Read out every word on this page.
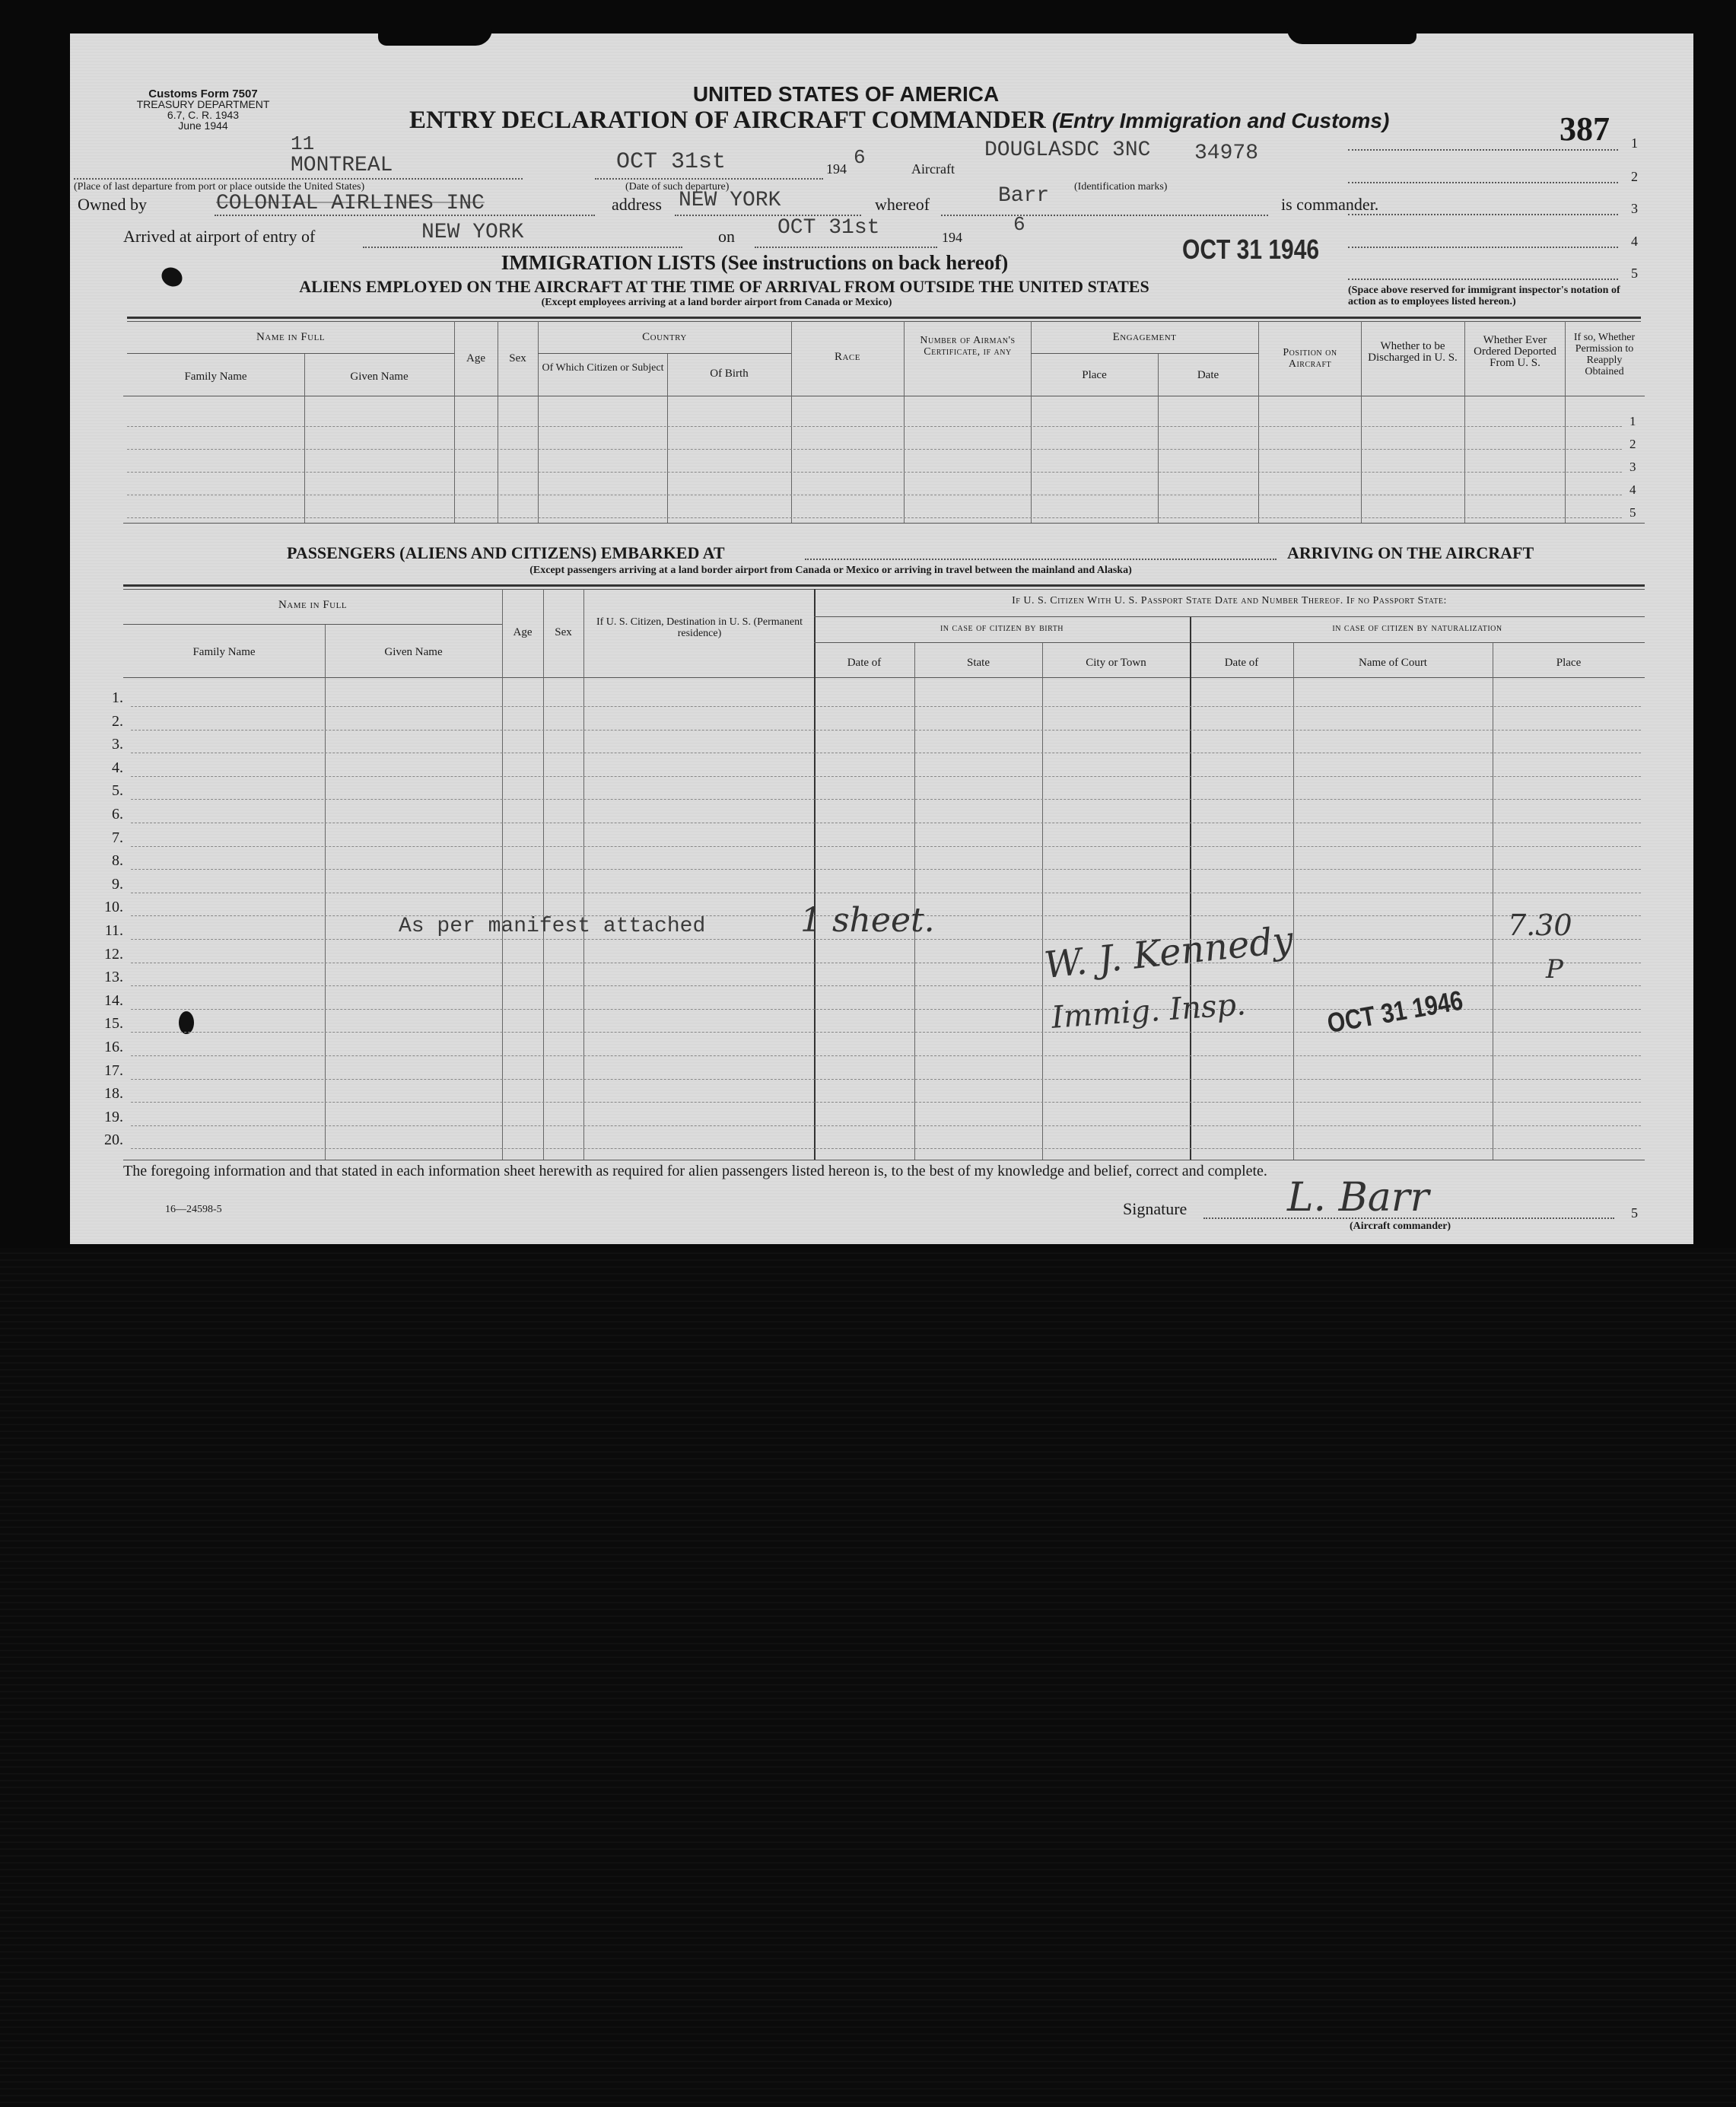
Customs Form 7507
TREASURY DEPARTMENT
6.7, C. R. 1943
June 1944
UNITED STATES OF AMERICA
ENTRY DECLARATION OF AIRCRAFT COMMANDER (Entry Immigration and Customs)	387
11
MONTREAL
(Place of last departure from port or place outside the United States)
OCT 31st
(Date of such departure)
194 6	Aircraft
DOUGLASDC 3NC 34978
(Identification marks)
Owned by	COLONIAL AIRLINES INC	address NEW YORK	whereof	Barr	is commander.
Arrived at airport of entry of	NEW YORK	on OCT 31st	194
6
1
2
3
4
5
OCT 31 1946
(Space above reserved for immigrant inspector's notation of action as to employees listed hereon.)
IMMIGRATION LISTS (See instructions on back hereof)
ALIENS EMPLOYED ON THE AIRCRAFT AT THE TIME OF ARRIVAL FROM OUTSIDE THE UNITED STATES
(Except employees arriving at a land border airport from Canada or Mexico)
Name in Full
Family Name	Given Name
Age	Sex
Country
Of Which Citizen or Subject	Of Birth
Race
Number of Airman's Certificate, if any
Engagement
Place	Date
Position on Aircraft
Whether to be Discharged in U. S.
Whether Ever Ordered Deported From U. S.
If so, Whether Permission to Reapply Obtained
1
2
3
4
5
PASSENGERS (ALIENS AND CITIZENS) EMBARKED AT	ARRIVING ON THE AIRCRAFT
(Except passengers arriving at a land border airport from Canada or Mexico or arriving in travel between the mainland and Alaska)
Name in Full
Family Name	Given Name
Age	Sex
If U. S. Citizen, Destination in U. S. (Permanent residence)
If U. S. Citizen With U. S. Passport State Date and Number Thereof. If no Passport State:
in case of citizen by birth	in case of citizen by naturalization
Date of	State	City or Town	Date of	Name of Court	Place
1.
2.
3.
4.
5.
6.
7.
8.
9.
10.
11.
12.
13.
14.
15.
16.
17.
18.
19.
20.
As per manifest attached	1 sheet.	W. J. Kennedy
Immig. Insp.
7.30
P
OCT 31 1946
The foregoing information and that stated in each information sheet herewith as required for alien passengers listed hereon is, to the best of my knowledge and belief, correct and complete.
16—24598-5	Signature	L. Barr
(Aircraft commander)
5
